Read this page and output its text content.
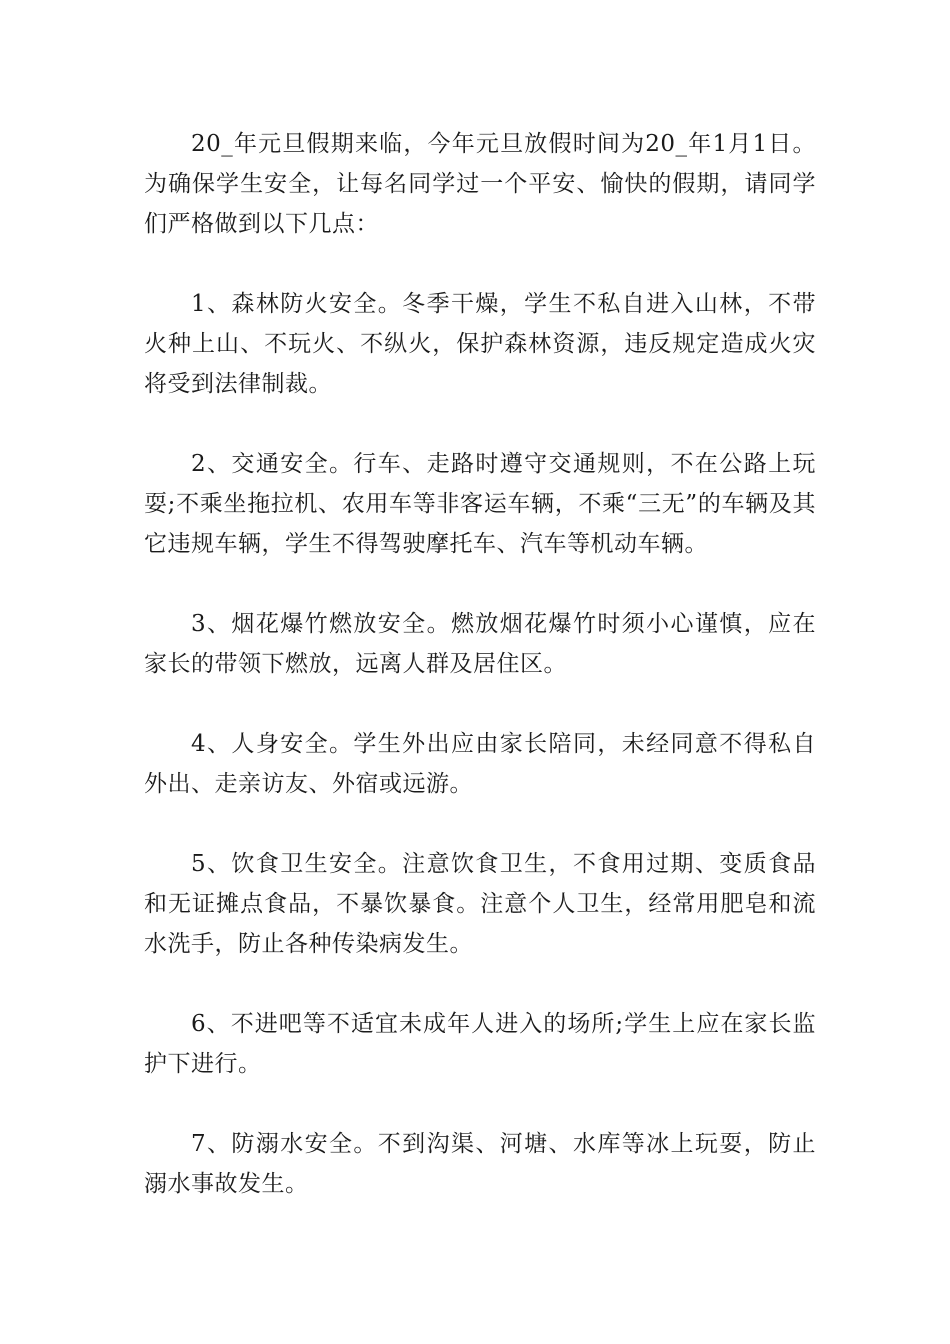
20_年元旦假期来临，今年元旦放假时间为20_年1月1日。为确保学生安全，让每名同学过一个平安、愉快的假期，请同学们严格做到以下几点：

1、森林防火安全。冬季干燥，学生不私自进入山林，不带火种上山、不玩火、不纵火，保护森林资源，违反规定造成火灾将受到法律制裁。

2、交通安全。行车、走路时遵守交通规则，不在公路上玩耍;不乘坐拖拉机、农用车等非客运车辆，不乘“三无”的车辆及其它违规车辆，学生不得驾驶摩托车、汽车等机动车辆。

3、烟花爆竹燃放安全。燃放烟花爆竹时须小心谨慎，应在家长的带领下燃放，远离人群及居住区。

4、人身安全。学生外出应由家长陪同，未经同意不得私自外出、走亲访友、外宿或远游。

5、饮食卫生安全。注意饮食卫生，不食用过期、变质食品和无证摊点食品，不暴饮暴食。注意个人卫生，经常用肥皂和流水洗手，防止各种传染病发生。

6、不进吧等不适宜未成年人进入的场所;学生上应在家长监护下进行。

7、防溺水安全。不到沟渠、河塘、水库等冰上玩耍，防止溺水事故发生。
